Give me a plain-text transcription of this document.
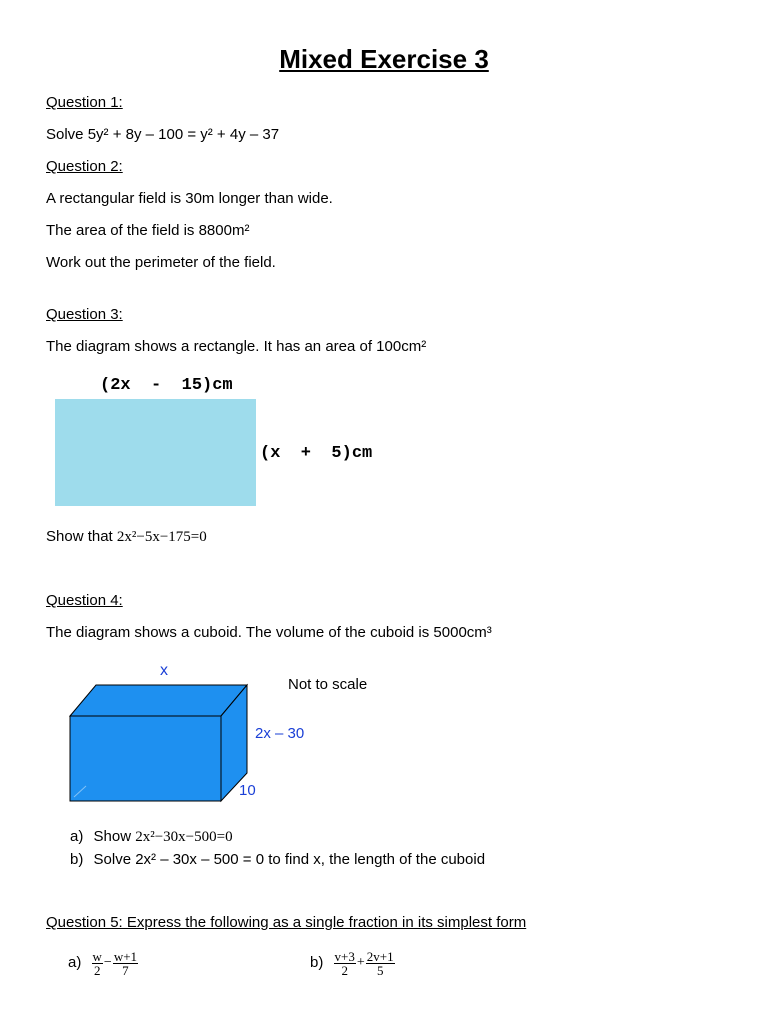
Mixed Exercise 3
Question 1:
Solve 5y² + 8y – 100 = y² + 4y – 37
Question 2:
A rectangular field is 30m longer than wide.
The area of the field is 8800m²
Work out the perimeter of the field.
Question 3:
The diagram shows a rectangle. It has an area of 100cm²
(2x  -  15)cm
(x  +  5)cm
Show that 2x²−5x−175=0
Question 4:
The diagram shows a cuboid. The volume of the cuboid is 5000cm³
x
Not to scale
2x – 30
10
a) Show 2x²−30x−500=0
b) Solve 2x² – 30x – 500 = 0 to find x, the length of the cuboid
Question 5: Express the following as a single fraction in its simplest form
$a) \frac{w}{2} - \frac{w+1}{7}$	$b) \frac{v+3}{2} + \frac{2v+1}{5}$
